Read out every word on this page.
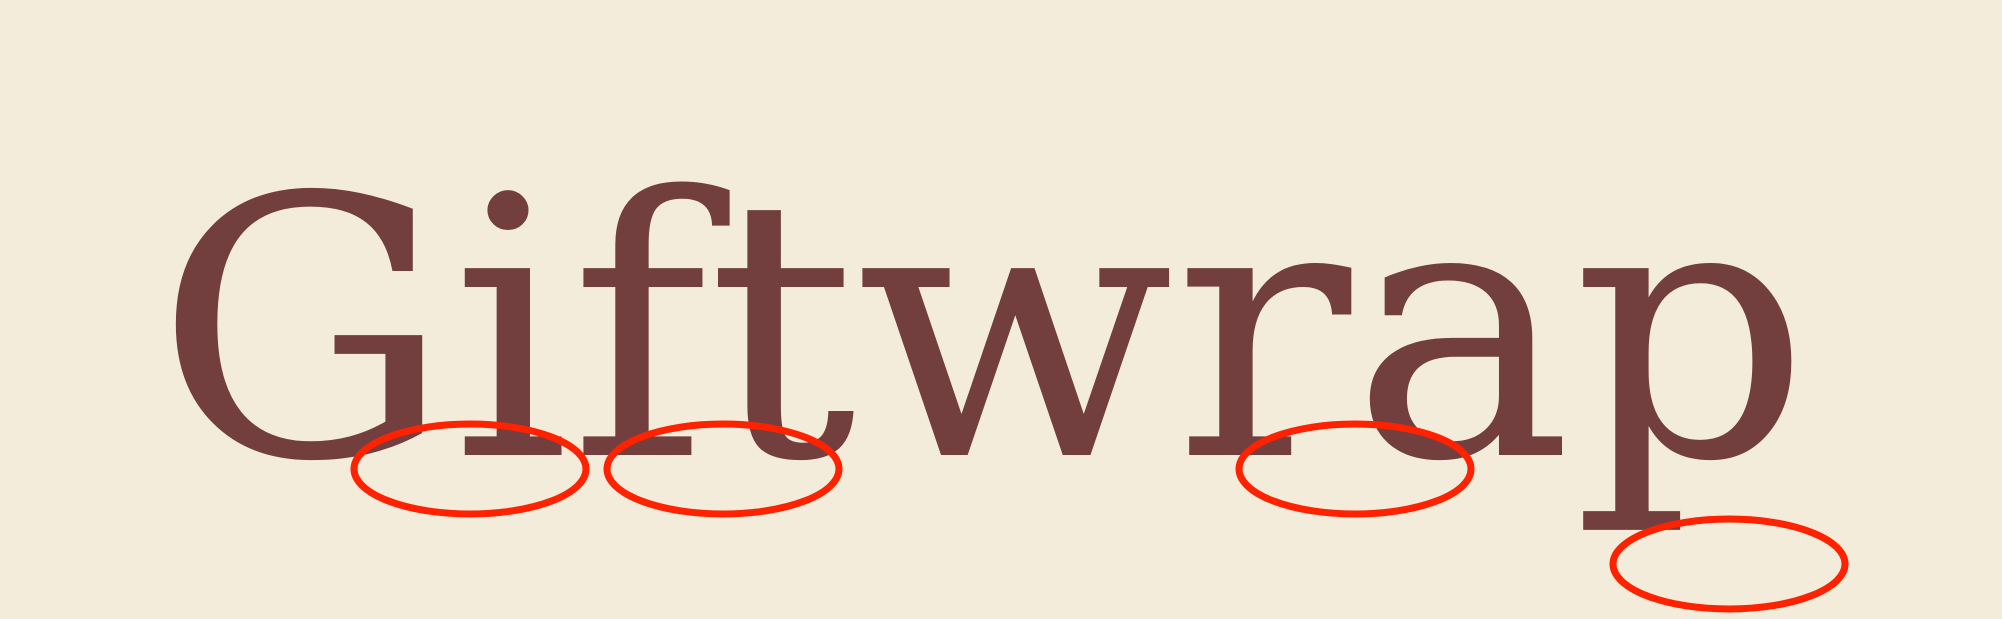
Giftwrap
